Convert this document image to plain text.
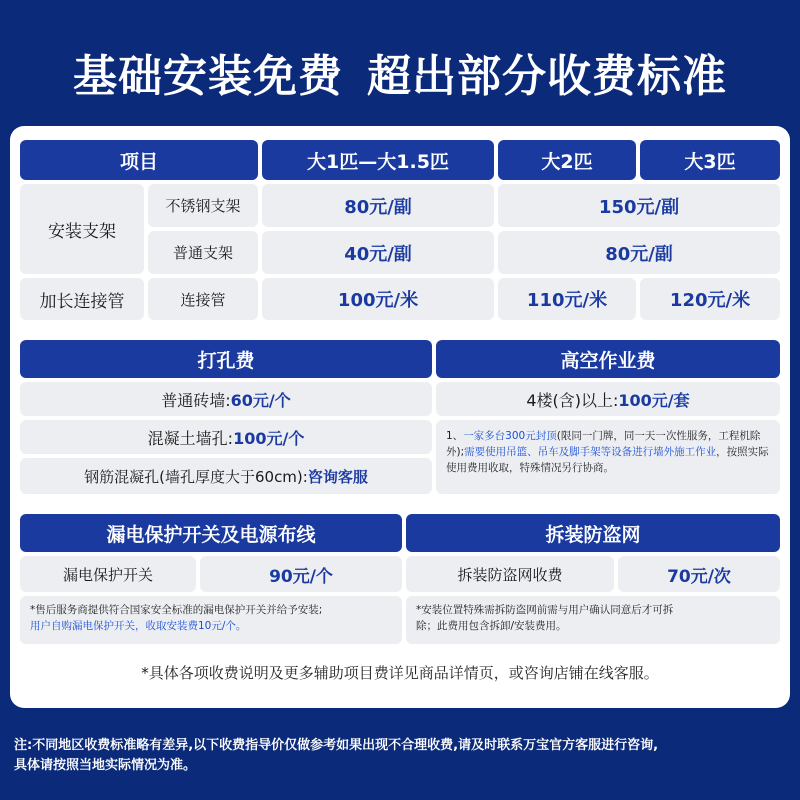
基础安装免费 超出部分收费标准
项目	大1匹—大1.5匹	大2匹	大3匹
安装支架
不锈钢支架	80元/副	150元/副
普通支架	40元/副	80元/副
加长连接管	连接管	100元/米	110元/米	120元/米
打孔费
普通砖墙: 60元/个
混凝土墙孔: 100元/个
钢筋混凝孔(墙孔厚度大于60cm): 咨询客服
高空作业费
4楼(含)以上: 100元/套
1、一家多台300元封顶(限同一门牌，同一天一次性服务，工程机除外);需要使用吊篮、吊车及脚手架等设备进行墙外施工作业，按照实际使用费用收取，特殊情况另行协商。
漏电保护开关及电源布线
漏电保护开关	90元/个
*售后服务商提供符合国家安全标准的漏电保护开关并给予安装;
用户自购漏电保护开关，收取安装费10元/个。
拆装防盗网
拆装防盗网收费	70元/次
*安装位置特殊需拆防盗网前需与用户确认同意后才可拆
除；此费用包含拆卸/安装费用。
*具体各项收费说明及更多辅助项目费详见商品详情页，或咨询店铺在线客服。
注:不同地区收费标准略有差异,以下收费指导价仅做参考如果出现不合理收费,请及时联系万宝官方客服进行咨询,
具体请按照当地实际情况为准。
